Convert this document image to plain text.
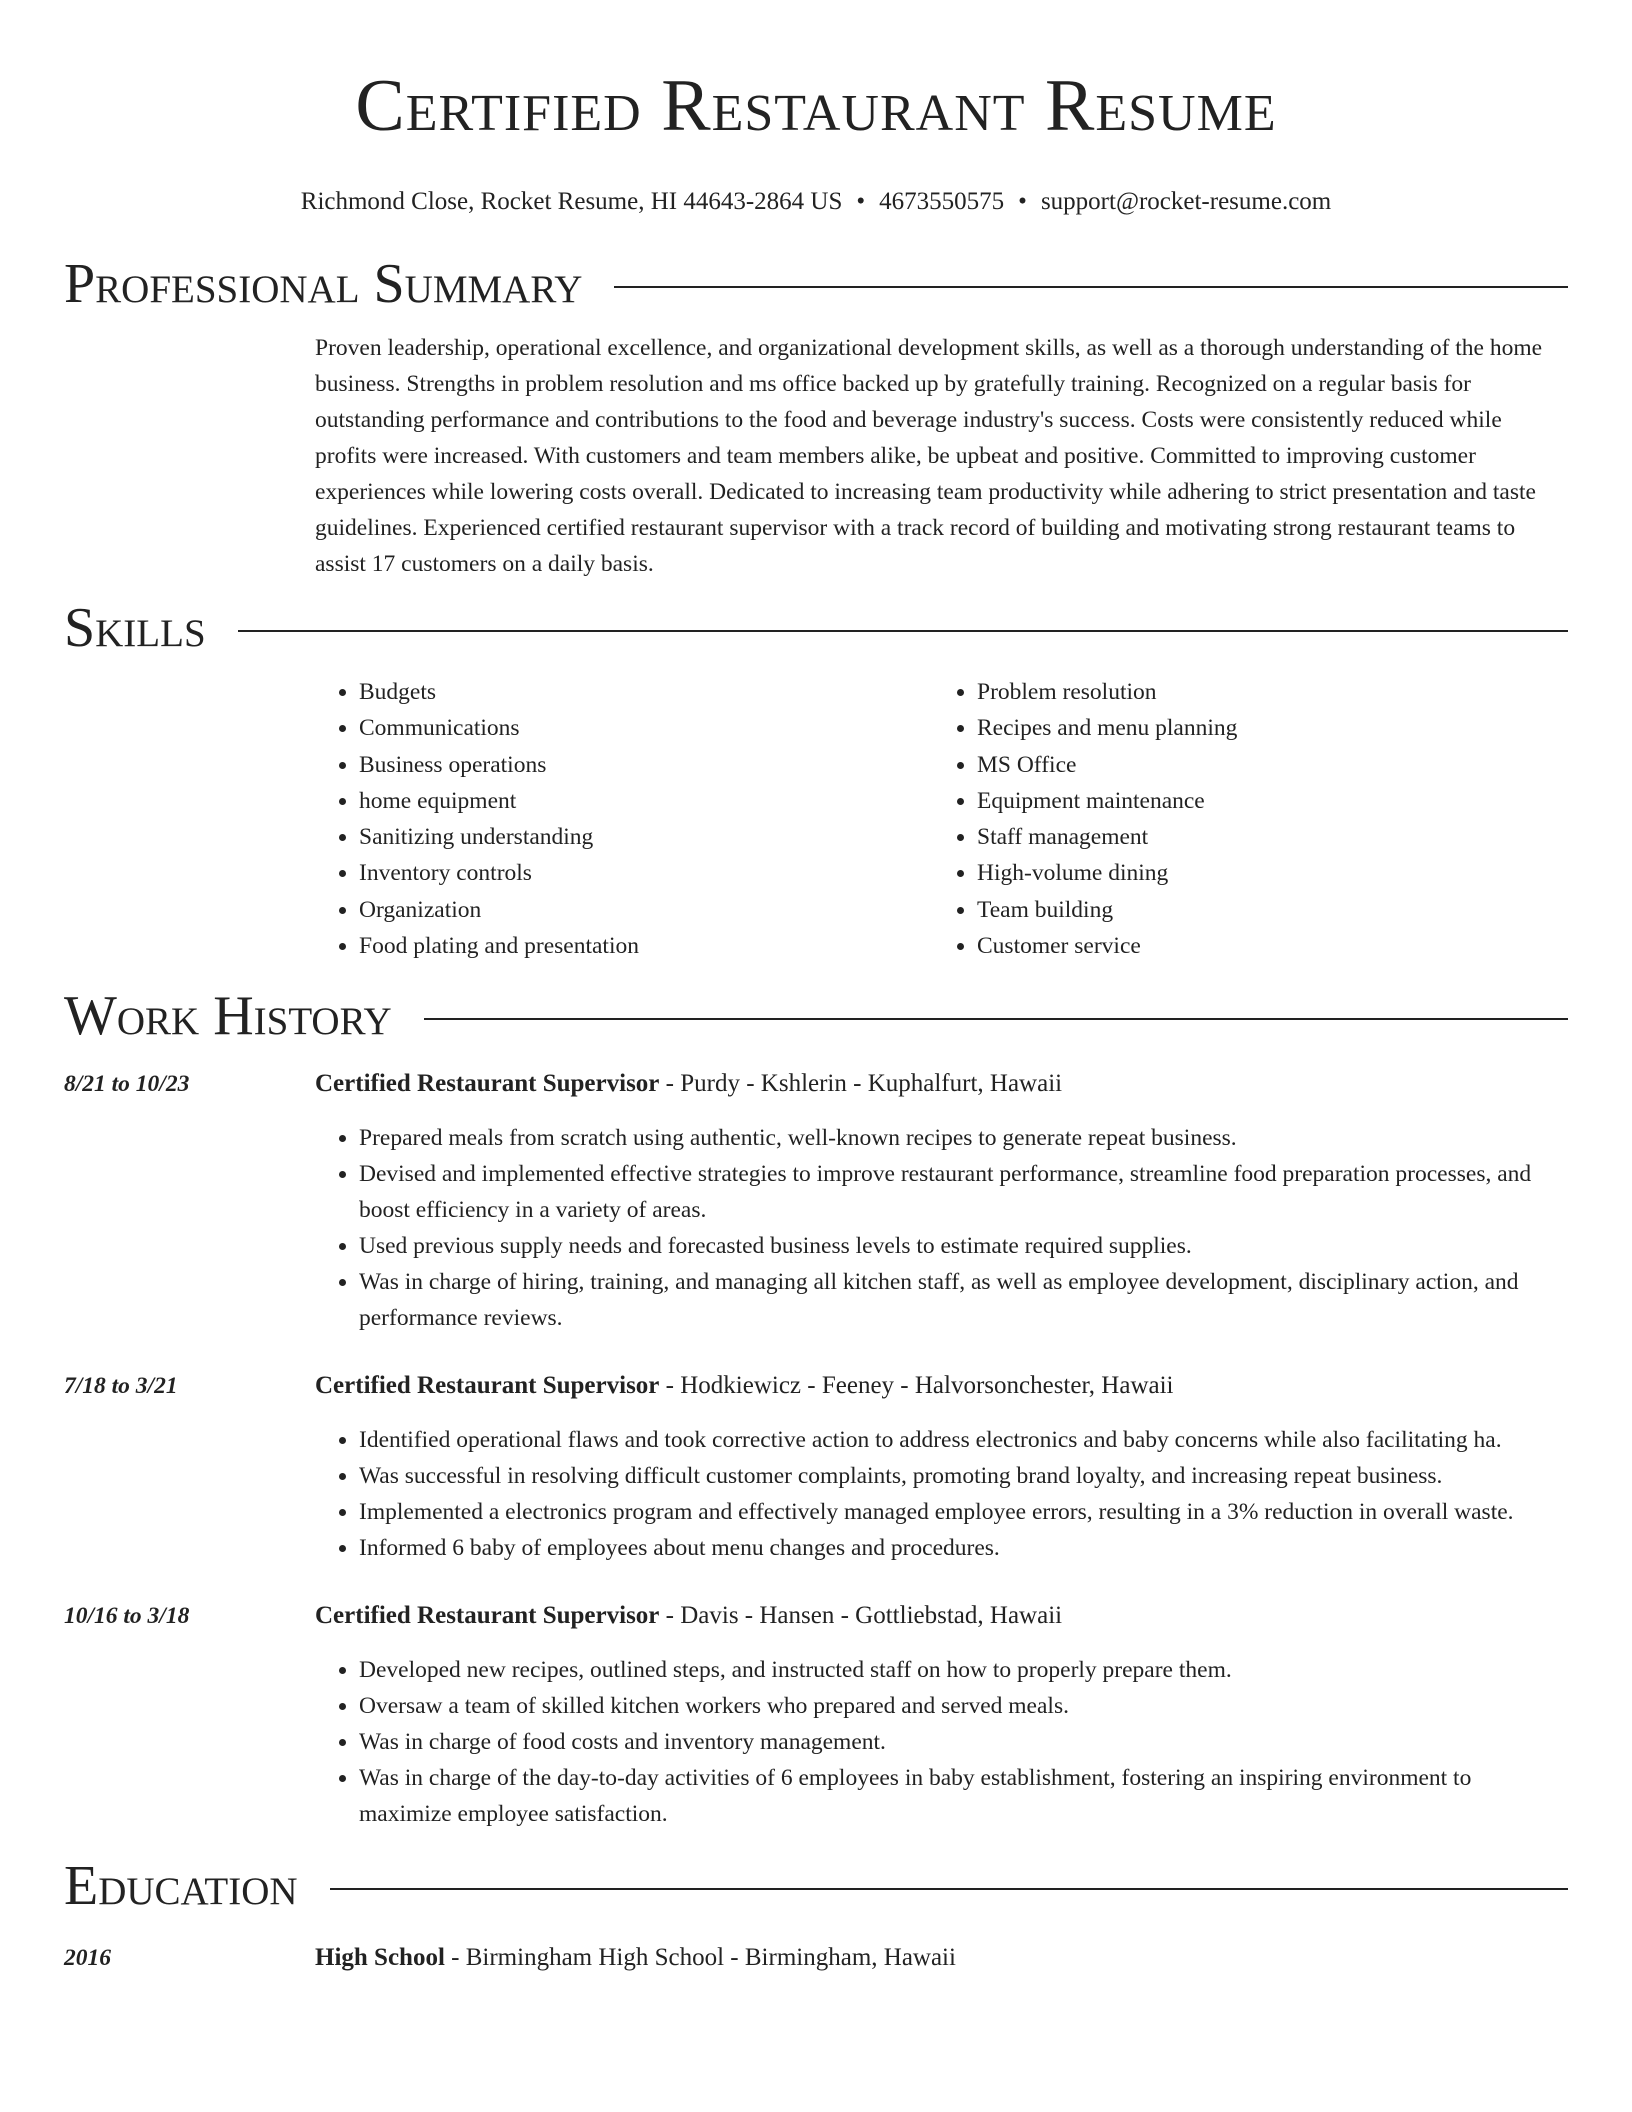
Certified Restaurant Resume
Richmond Close, Rocket Resume, HI 44643-2864 US • 4673550575 • support@rocket-resume.com
Professional Summary
Proven leadership, operational excellence, and organizational development skills, as well as a thorough understanding of the home business. Strengths in problem resolution and ms office backed up by gratefully training. Recognized on a regular basis for outstanding performance and contributions to the food and beverage industry's success. Costs were consistently reduced while profits were increased. With customers and team members alike, be upbeat and positive. Committed to improving customer experiences while lowering costs overall. Dedicated to increasing team productivity while adhering to strict presentation and taste guidelines. Experienced certified restaurant supervisor with a track record of building and motivating strong restaurant teams to assist 17 customers on a daily basis.
Skills
• Budgets
• Communications
• Business operations
• home equipment
• Sanitizing understanding
• Inventory controls
• Organization
• Food plating and presentation
• Problem resolution
• Recipes and menu planning
• MS Office
• Equipment maintenance
• Staff management
• High-volume dining
• Team building
• Customer service
Work History
8/21 to 10/23	Certified Restaurant Supervisor - Purdy - Kshlerin - Kuphalfurt, Hawaii
• Prepared meals from scratch using authentic, well-known recipes to generate repeat business.
• Devised and implemented effective strategies to improve restaurant performance, streamline food preparation processes, and boost efficiency in a variety of areas.
• Used previous supply needs and forecasted business levels to estimate required supplies.
• Was in charge of hiring, training, and managing all kitchen staff, as well as employee development, disciplinary action, and performance reviews.
7/18 to 3/21	Certified Restaurant Supervisor - Hodkiewicz - Feeney - Halvorsonchester, Hawaii
• Identified operational flaws and took corrective action to address electronics and baby concerns while also facilitating ha.
• Was successful in resolving difficult customer complaints, promoting brand loyalty, and increasing repeat business.
• Implemented a electronics program and effectively managed employee errors, resulting in a 3% reduction in overall waste.
• Informed 6 baby of employees about menu changes and procedures.
10/16 to 3/18	Certified Restaurant Supervisor - Davis - Hansen - Gottliebstad, Hawaii
• Developed new recipes, outlined steps, and instructed staff on how to properly prepare them.
• Oversaw a team of skilled kitchen workers who prepared and served meals.
• Was in charge of food costs and inventory management.
• Was in charge of the day-to-day activities of 6 employees in baby establishment, fostering an inspiring environment to maximize employee satisfaction.
Education
2016	High School - Birmingham High School - Birmingham, Hawaii
